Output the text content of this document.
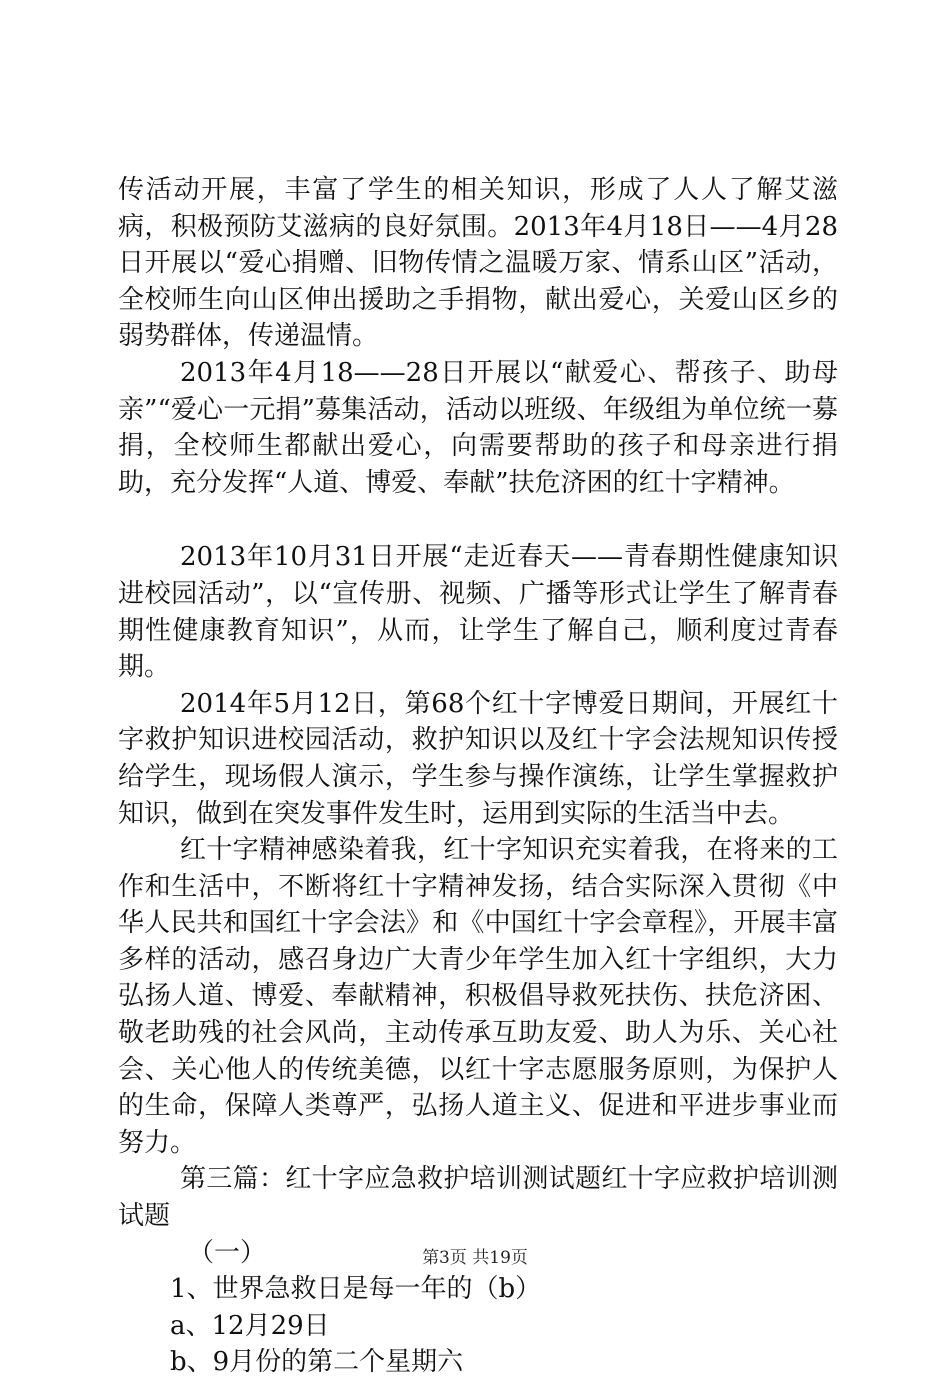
传活动开展，丰富了学生的相关知识，形成了人人了解艾滋病，积极预防艾滋病的良好氛围。2013年4月18日——4月28日开展以“爱心捐赠、旧物传情之温暖万家、情系山区”活动，全校师生向山区伸出援助之手捐物，献出爱心，关爱山区乡的弱势群体，传递温情。

2013年4月18——28日开展以“献爱心、帮孩子、助母亲”“爱心一元捐”募集活动，活动以班级、年级组为单位统一募捐，全校师生都献出爱心，向需要帮助的孩子和母亲进行捐助，充分发挥“人道、博爱、奉献”扶危济困的红十字精神。

2013年10月31日开展“走近春天——青春期性健康知识进校园活动”，以“宣传册、视频、广播等形式让学生了解青春期性健康教育知识”，从而，让学生了解自己，顺利度过青春期。

2014年5月12日，第68个红十字博爱日期间，开展红十字救护知识进校园活动，救护知识以及红十字会法规知识传授给学生，现场假人演示，学生参与操作演练，让学生掌握救护知识，做到在突发事件发生时，运用到实际的生活当中去。

红十字精神感染着我，红十字知识充实着我，在将来的工作和生活中，不断将红十字精神发扬，结合实际深入贯彻《中华人民共和国红十字会法》和《中国红十字会章程》，开展丰富多样的活动，感召身边广大青少年学生加入红十字组织，大力弘扬人道、博爱、奉献精神，积极倡导救死扶伤、扶危济困、敬老助残的社会风尚，主动传承互助友爱、助人为乐、关心社会、关心他人的传统美德，以红十字志愿服务原则，为保护人的生命，保障人类尊严，弘扬人道主义、促进和平进步事业而努力。

第三篇：红十字应急救护培训测试题红十字应救护培训测试题

（一）

1、世界急救日是每一年的（b）

a、12月29日

b、9月份的第二个星期六

第3页 共19页
